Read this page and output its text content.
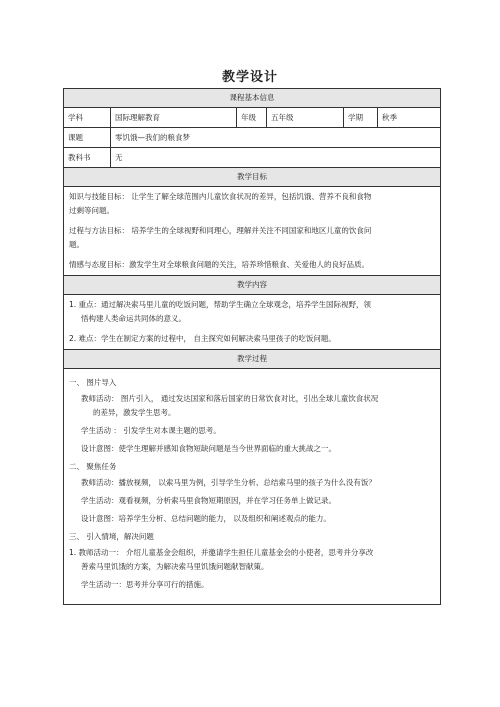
教学设计
课程基本信息
学科	国际理解教育	年级	五年级	学期	秋季
课题	零饥饿—我们的粮食梦
教科书	无
教学目标

知识与技能目标： 让学生了解全球范围内儿童饮食状况的差异，包括饥饿、营养不良和食物

过剩等问题。

过程与方法目标： 培养学生的全球视野和同理心，理解并关注不同国家和地区儿童的饮食问

题。

情感与态度目标：激发学生对全球粮食问题的关注，培养珍惜粮食、关爱他人的良好品质。

教学内容

1. 重点：通过解决索马里儿童的吃饭问题，帮助学生确立全球观念，培养学生国际视野，领

悟构建人类命运共同体的意义。

2. 难点：学生在制定方案的过程中， 自主探究如何解决索马里孩子的吃饭问题。

教学过程

一、 图片导入

教师活动： 图片引入， 通过发达国家和落后国家的日常饮食对比，引出全球儿童饮食状况

的差异，激发学生思考。

学生活动 ： 引发学生对本课主题的思考。

设计意图：使学生理解并感知食物短缺问题是当今世界面临的重大挑战之一。

二、 聚焦任务

教师活动：播放视频， 以索马里为例，引导学生分析、总结索马里的孩子为什么没有饭？

学生活动：观看视频，分析索马里食物短期原因，并在学习任务单上做记录。

设计意图：培养学生分析、总结问题的能力， 以及组织和阐述观点的能力。

三、 引入情境，解决问题

1. 教师活动一： 介绍儿童基金会组织，并邀请学生担任儿童基金会的小使者，思考并分享改

善索马里饥饿的方案，为解决索马里饥饿问题献智献策。

学生活动一：思考并分享可行的措施。
